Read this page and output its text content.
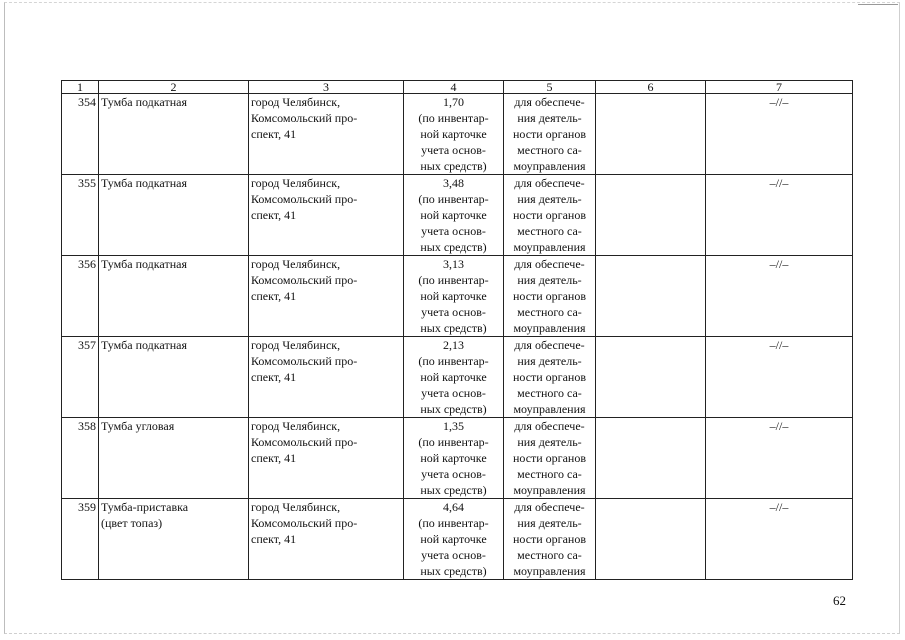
1	2	3	4	5	6	7
354	Тумба подкатная	город Челябинск,
Комсомольский про-
спект, 41	1,70
(по инвентар-
ной карточке
учета основ-
ных средств)	для обеспече-
ния деятель-
ности органов
местного са-
моуправления		–//–
355	Тумба подкатная	город Челябинск,
Комсомольский про-
спект, 41	3,48
(по инвентар-
ной карточке
учета основ-
ных средств)	для обеспече-
ния деятель-
ности органов
местного са-
моуправления		–//–
356	Тумба подкатная	город Челябинск,
Комсомольский про-
спект, 41	3,13
(по инвентар-
ной карточке
учета основ-
ных средств)	для обеспече-
ния деятель-
ности органов
местного са-
моуправления		–//–
357	Тумба подкатная	город Челябинск,
Комсомольский про-
спект, 41	2,13
(по инвентар-
ной карточке
учета основ-
ных средств)	для обеспече-
ния деятель-
ности органов
местного са-
моуправления		–//–
358	Тумба угловая	город Челябинск,
Комсомольский про-
спект, 41	1,35
(по инвентар-
ной карточке
учета основ-
ных средств)	для обеспече-
ния деятель-
ности органов
местного са-
моуправления		–//–
359	Тумба-приставка
(цвет топаз)	город Челябинск,
Комсомольский про-
спект, 41	4,64
(по инвентар-
ной карточке
учета основ-
ных средств)	для обеспече-
ния деятель-
ности органов
местного са-
моуправления		–//–
62
